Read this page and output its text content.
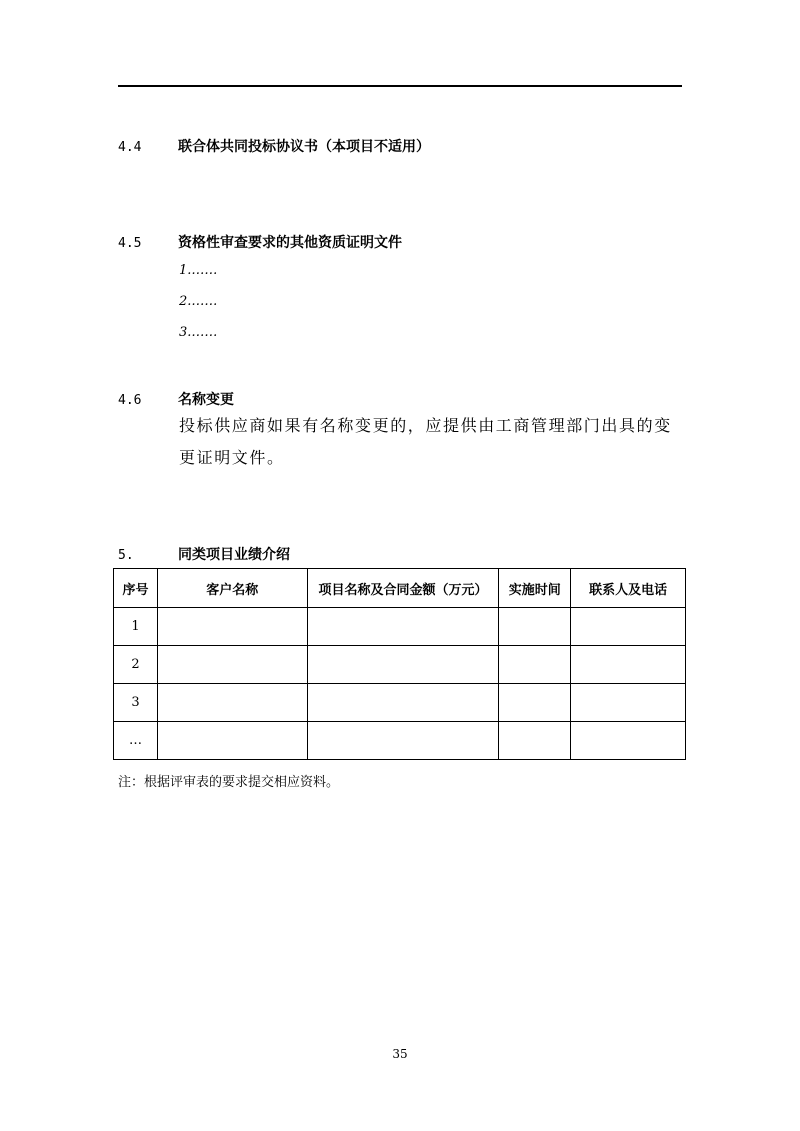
4.4	联合体共同投标协议书（本项目不适用）
4.5	资格性审查要求的其他资质证明文件
1.……
2.……
3.……
4.6	名称变更
投标供应商如果有名称变更的，应提供由工商管理部门出具的变更证明文件。
5.	同类项目业绩介绍
序号	客户名称	项目名称及合同金额（万元）	实施时间	联系人及电话
1				
2				
3				
…				
注：根据评审表的要求提交相应资料。
35
